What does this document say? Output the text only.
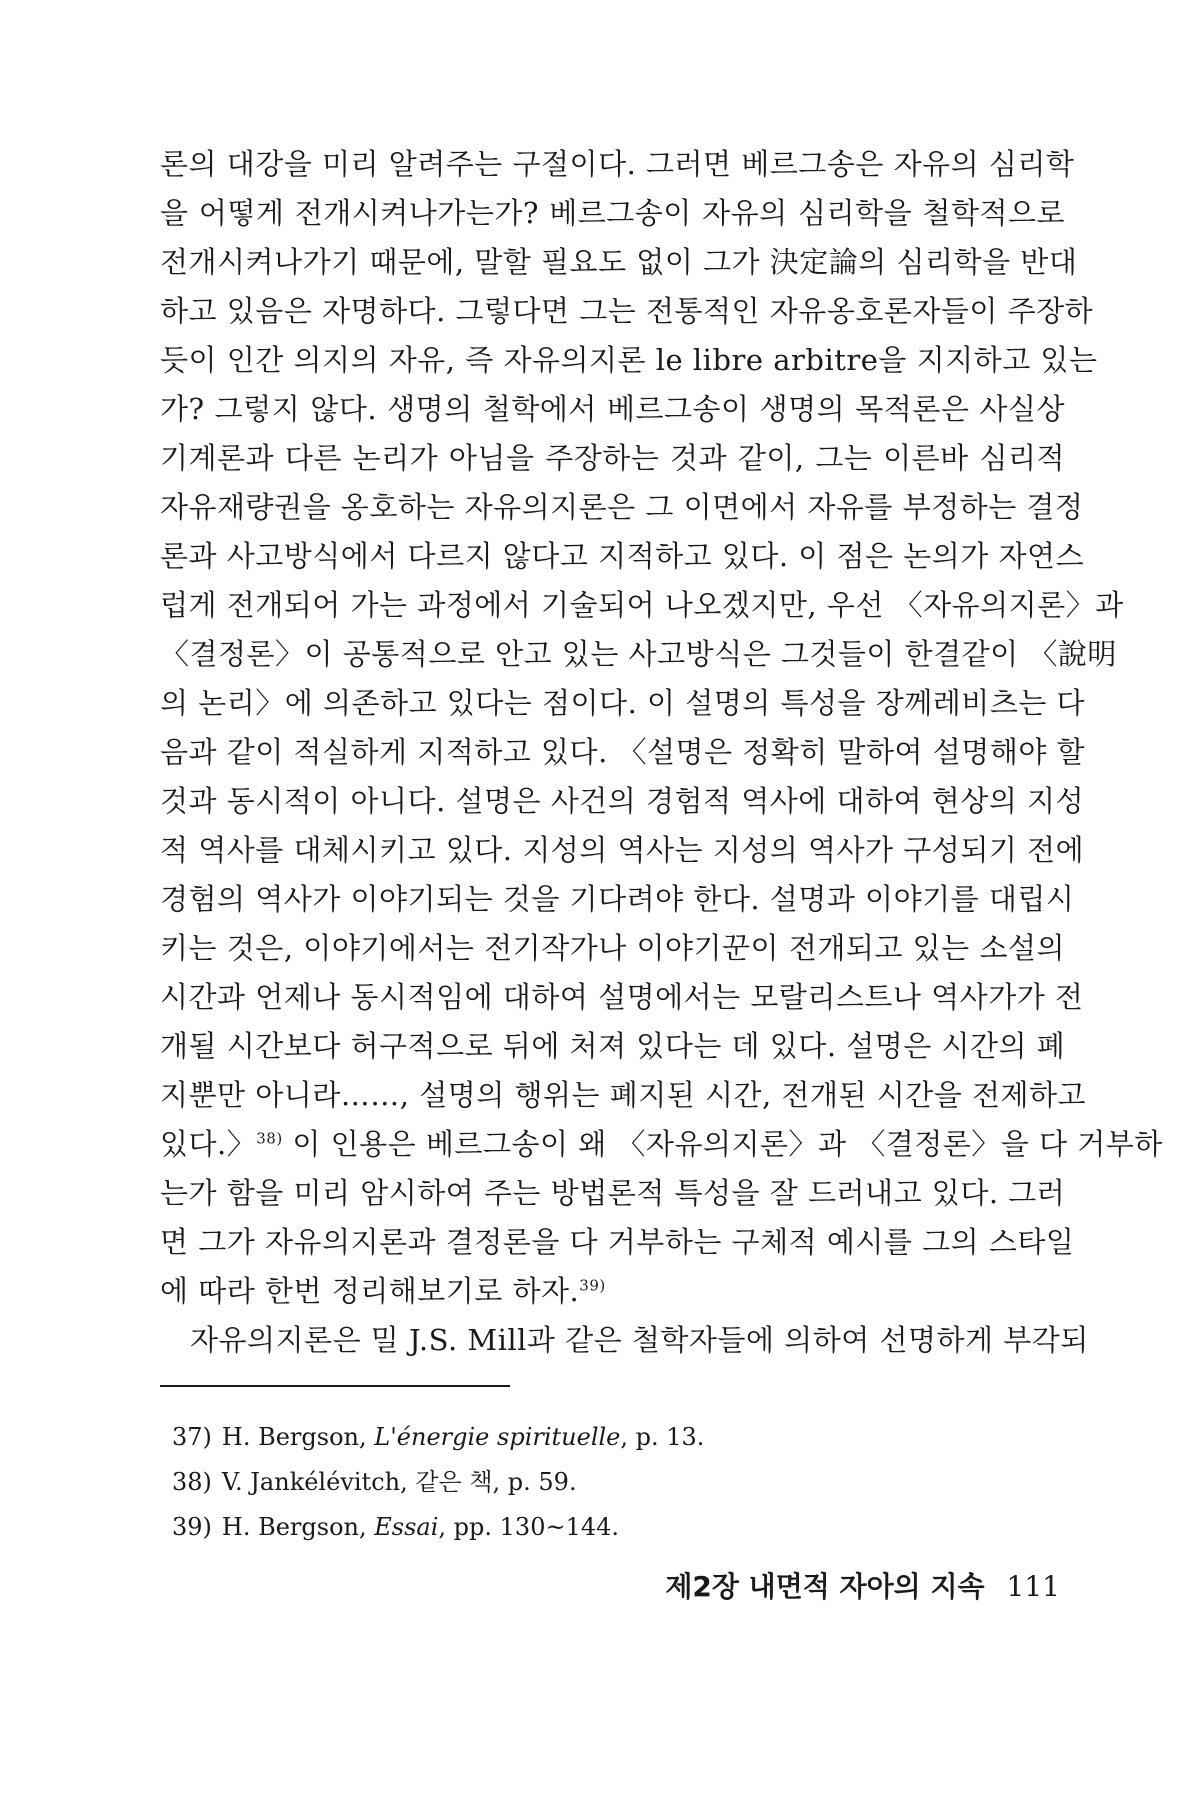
론의 대강을 미리 알려주는 구절이다. 그러면 베르그송은 자유의 심리학
을 어떻게 전개시켜나가는가? 베르그송이 자유의 심리학을 철학적으로
전개시켜나가기 때문에, 말할 필요도 없이 그가 決定論의 심리학을 반대
하고 있음은 자명하다. 그렇다면 그는 전통적인 자유옹호론자들이 주장하
듯이 인간 의지의 자유, 즉 자유의지론 le libre arbitre을 지지하고 있는
가? 그렇지 않다. 생명의 철학에서 베르그송이 생명의 목적론은 사실상
기계론과 다른 논리가 아님을 주장하는 것과 같이, 그는 이른바 심리적
자유재량권을 옹호하는 자유의지론은 그 이면에서 자유를 부정하는 결정
론과 사고방식에서 다르지 않다고 지적하고 있다. 이 점은 논의가 자연스
럽게 전개되어 가는 과정에서 기술되어 나오겠지만, 우선 〈자유의지론〉과
〈결정론〉이 공통적으로 안고 있는 사고방식은 그것들이 한결같이 〈說明
의 논리〉에 의존하고 있다는 점이다. 이 설명의 특성을 장께레비츠는 다
음과 같이 적실하게 지적하고 있다. 〈설명은 정확히 말하여 설명해야 할
것과 동시적이 아니다. 설명은 사건의 경험적 역사에 대하여 현상의 지성
적 역사를 대체시키고 있다. 지성의 역사는 지성의 역사가 구성되기 전에
경험의 역사가 이야기되는 것을 기다려야 한다. 설명과 이야기를 대립시
키는 것은, 이야기에서는 전기작가나 이야기꾼이 전개되고 있는 소설의
시간과 언제나 동시적임에 대하여 설명에서는 모랄리스트나 역사가가 전
개될 시간보다 허구적으로 뒤에 처져 있다는 데 있다. 설명은 시간의 폐
지뿐만 아니라……, 설명의 행위는 폐지된 시간, 전개된 시간을 전제하고
있다.〉$^{38)}$ 이 인용은 베르그송이 왜 〈자유의지론〉과 〈결정론〉을 다 거부하
는가 함을 미리 암시하여 주는 방법론적 특성을 잘 드러내고 있다. 그러
면 그가 자유의지론과 결정론을 다 거부하는 구체적 예시를 그의 스타일
에 따라 한번 정리해보기로 하자.$^{39)}$
자유의지론은 밀 J.S. Mill과 같은 철학자들에 의하여 선명하게 부각되
37) H. Bergson, L'énergie spirituelle, p. 13.
38) V. Jankélévitch, 같은 책, p. 59.
39) H. Bergson, Essai, pp. 130~144.
제2장 내면적 자아의 지속 111
